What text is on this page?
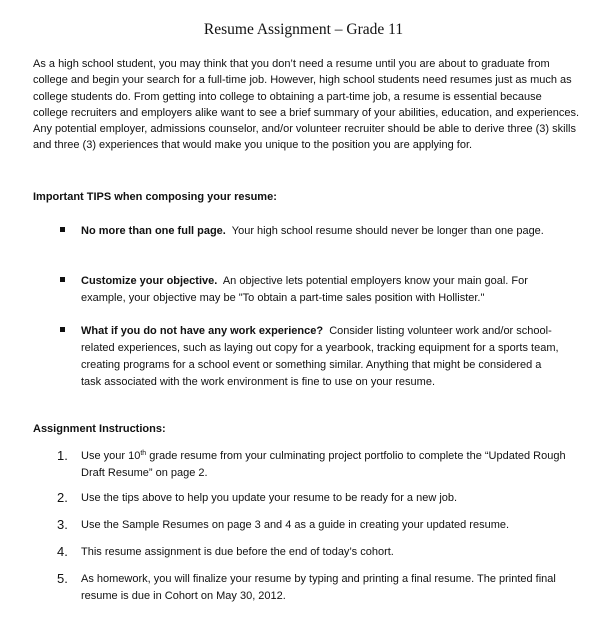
Resume Assignment – Grade 11

As a high school student, you may think that you don’t need a resume until you are about to graduate from college and begin your search for a full-time job. However, high school students need resumes just as much as college students do. From getting into college to obtaining a part-time job, a resume is essential because college recruiters and employers alike want to see a brief summary of your abilities, education, and experiences. Any potential employer, admissions counselor, and/or volunteer recruiter should be able to derive three (3) skills and three (3) experiences that would make you unique to the position you are applying for.

Important TIPS when composing your resume:

No more than one full page. Your high school resume should never be longer than one page.
Customize your objective. An objective lets potential employers know your main goal. For example, your objective may be "To obtain a part-time sales position with Hollister."
What if you do not have any work experience? Consider listing volunteer work and/or school-related experiences, such as laying out copy for a yearbook, tracking equipment for a sports team, creating programs for a school event or something similar. Anything that might be considered a task associated with the work environment is fine to use on your resume.

Assignment Instructions:

1. Use your 10th grade resume from your culminating project portfolio to complete the “Updated Rough Draft Resume” on page 2.
2. Use the tips above to help you update your resume to be ready for a new job.
3. Use the Sample Resumes on page 3 and 4 as a guide in creating your updated resume.
4. This resume assignment is due before the end of today’s cohort.
5. As homework, you will finalize your resume by typing and printing a final resume. The printed final resume is due in Cohort on May 30, 2012.
